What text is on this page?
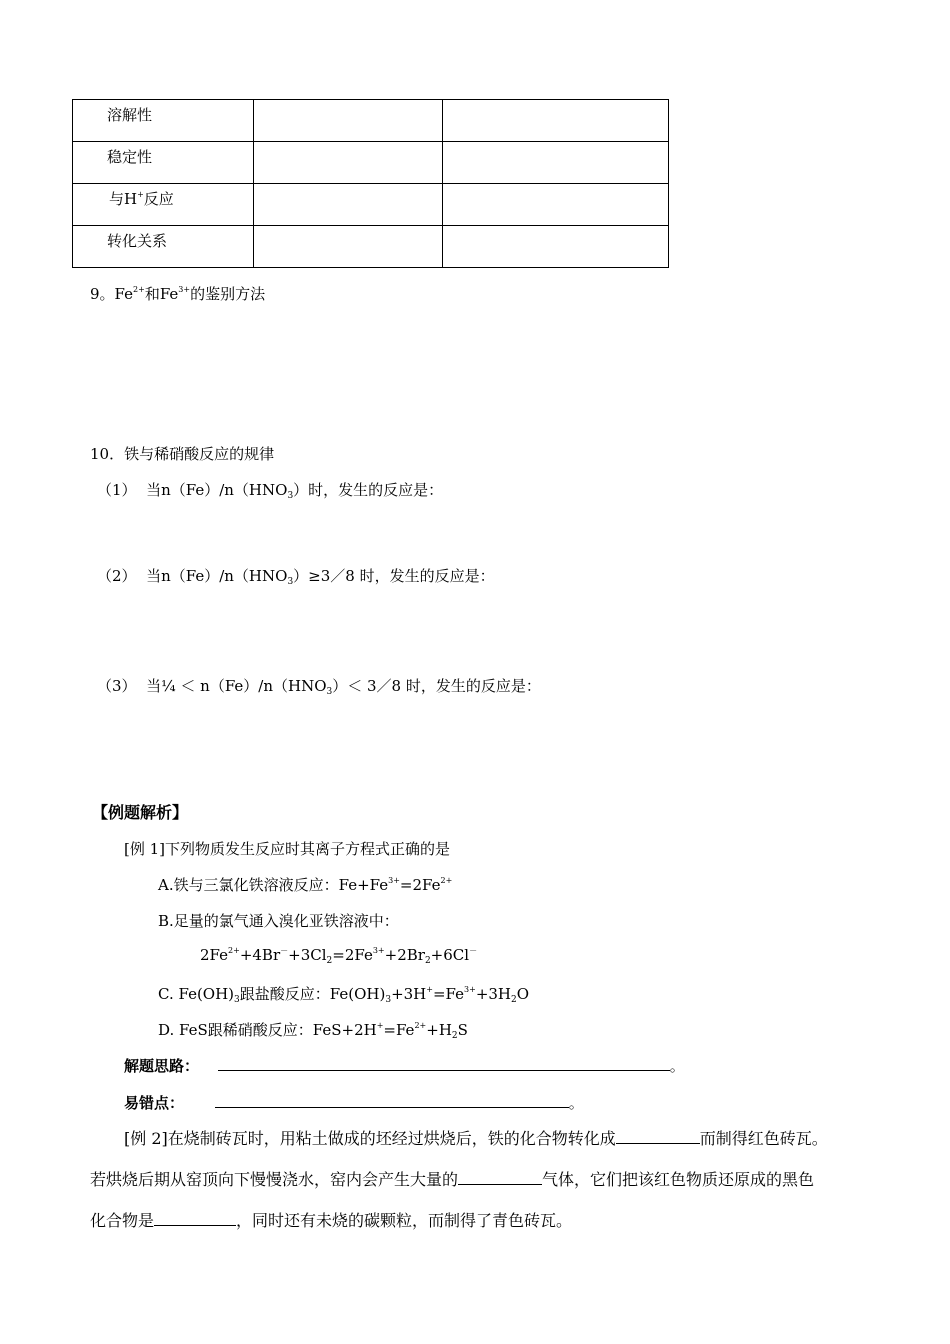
溶解性		
稳定性		
与H+反应		
转化关系		
9。$Fe^{2+}$和$Fe^{3+}$的鉴别方法
10．铁与稀硝酸反应的规律
（1） 当$n(Fe)/n(HNO_3)$时，发生的反应是：
（2） 当$n(Fe)/n(HNO_3)\ge 3/8$ 时，发生的反应是：
（3） 当¼ ＜ $n(Fe)/n(HNO_3)<$ 3／8 时，发生的反应是：
【例题解析】
[例 1]下列物质发生反应时其离子方程式正确的是
A.铁与三氯化铁溶液反应：$Fe+Fe^{3+}=2Fe^{2+}$
B.足量的氯气通入溴化亚铁溶液中：
$2Fe^{2+}+4Br^-+3Cl_2=2Fe^{3+}+2Br_2+6Cl^-$
C. $Fe(OH)_3$跟盐酸反应：$Fe(OH)_3+3H^+=Fe^{3+}+3H_2O$
D. FeS跟稀硝酸反应：$FeS+2H^+=Fe^{2+}+H_2S$
解题思路：	。
易错点：	。
[例 2]在烧制砖瓦时，用粘土做成的坯经过烘烧后，铁的化合物转化成	而制得红色砖瓦。
若烘烧后期从窑顶向下慢慢浇水，窑内会产生大量的	气体，它们把该红色物质还原成的黑色
化合物是	，同时还有未烧的碳颗粒，而制得了青色砖瓦。
